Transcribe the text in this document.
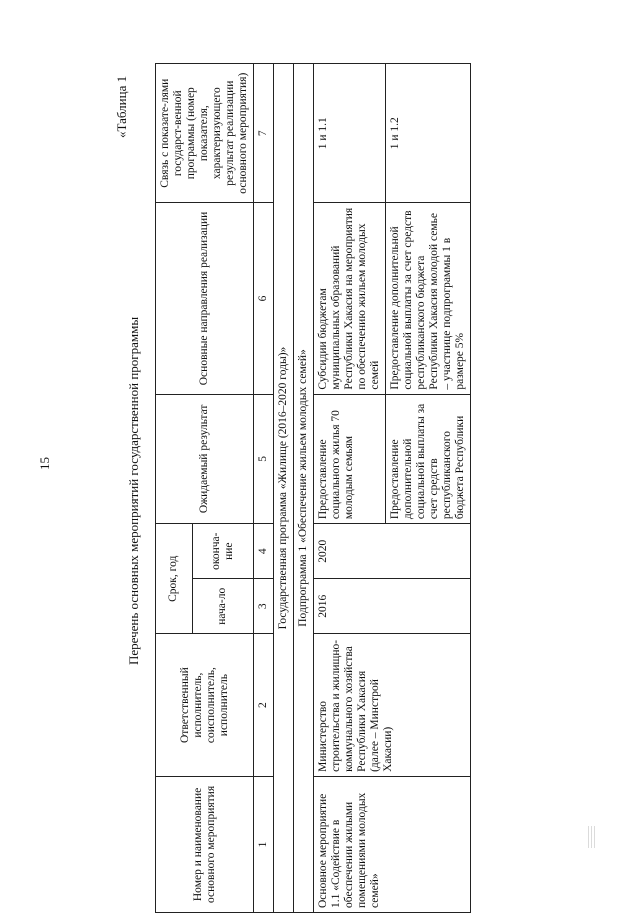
15
«Таблица 1
Перечень основных мероприятий государственной программы
Номер и наименование основного мероприятия	Ответственный исполнитель, соисполнитель, исполнитель	Срок, год		Ожидаемый результат	Основные направления реализации	Связь с показате-лями государст-венной программы (номер показателя, характеризующего результат реализации основного мероприятия)
		нача-ло	оконча-ние			
1	2	3	4	5	6	7
Государственная программа «Жилище (2016–2020 годы)»						
Подпрограмма 1 «Обеспечение жильем молодых семей»						
Основное мероприятие 1.1 «Содействие в обеспечении жилыми помещениями молодых семей»	Министерство строительства и жилищно-коммунального хозяйства Республики Хакасия (далее – Минстрой Хакасии)	2016	2020	Предоставление социального жилья 70 молодым семьям	Субсидии бюджетам муниципальных образований Республики Хакасия на мероприятия по обеспечению жильем молодых семей	1 и 1.1
				Предоставление дополнительной социальной выплаты за счет средств республиканского бюджета Республики	Предоставление дополнительной социальной выплаты за счет средств республиканского бюджета Республики Хакасия молодой семье – участнице подпрограммы 1 в размере 5%	1 и 1.2
